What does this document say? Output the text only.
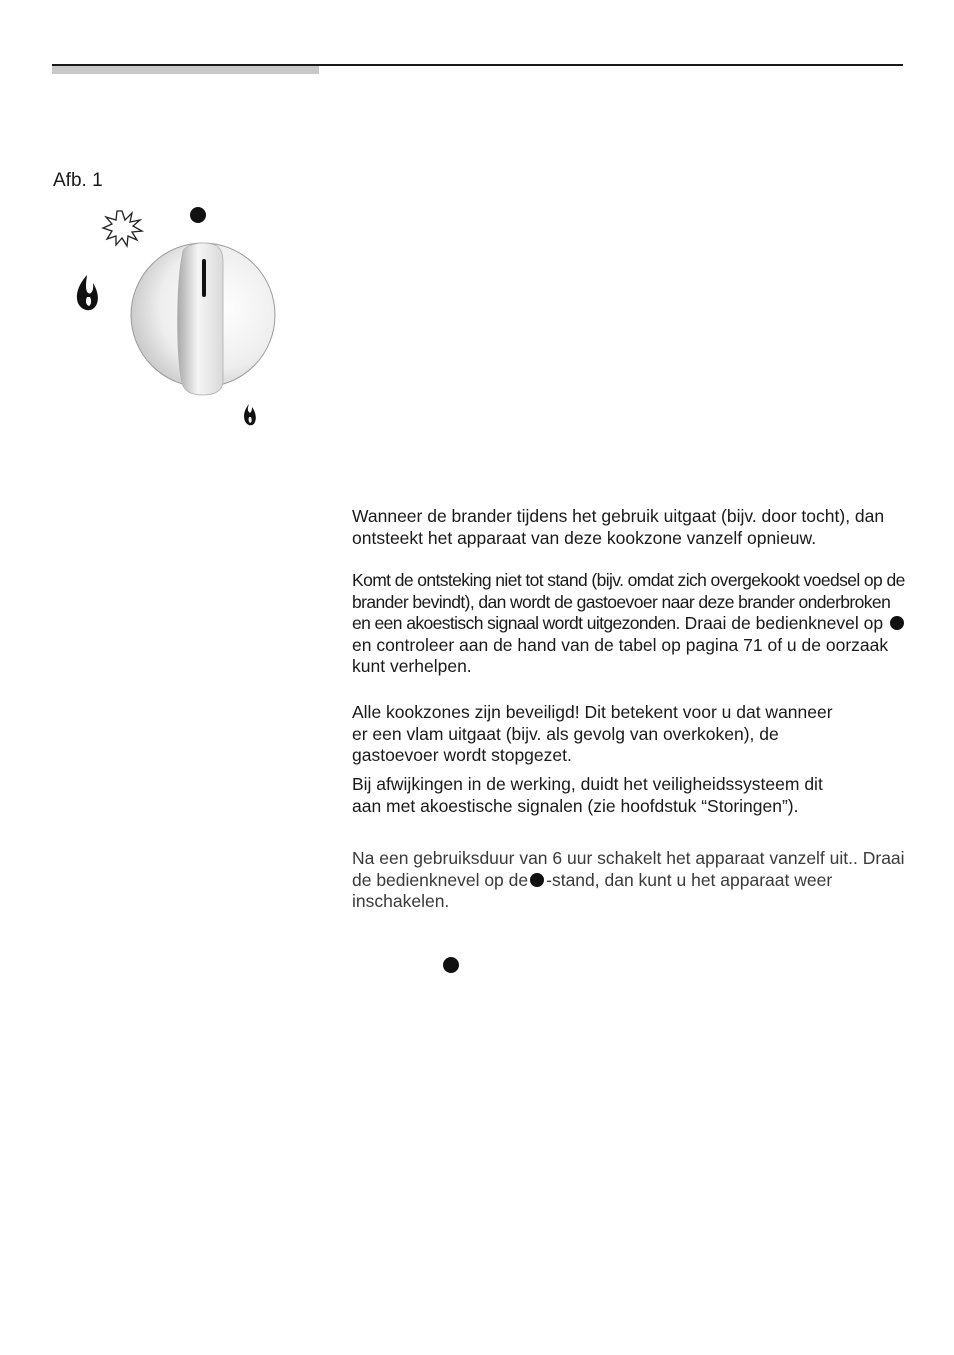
Afb. 1
Wanneer de brander tijdens het gebruik uitgaat (bijv. door tocht), dan ontsteekt het apparaat van deze kookzone vanzelf opnieuw.
Komt de ontsteking niet tot stand (bijv. omdat zich overgekookt voedsel op de brander bevindt), dan wordt de gastoevoer naar deze brander onderbroken en een akoestisch signaal wordt uitgezonden. Draai de bedienknevel op  en controleer aan de hand van de tabel op pagina 71 of u de oorzaak kunt verhelpen.
Alle kookzones zijn beveiligd! Dit betekent voor u dat wanneer er een vlam uitgaat (bijv. als gevolg van overkoken), de gastoevoer wordt stopgezet.
Bij afwijkingen in de werking, duidt het veiligheidssysteem dit aan met akoestische signalen (zie hoofdstuk “Storingen”).
Na een gebruiksduur van 6 uur schakelt het apparaat vanzelf uit.. Draai de bedienknevel op de -stand, dan kunt u het apparaat weer inschakelen.
